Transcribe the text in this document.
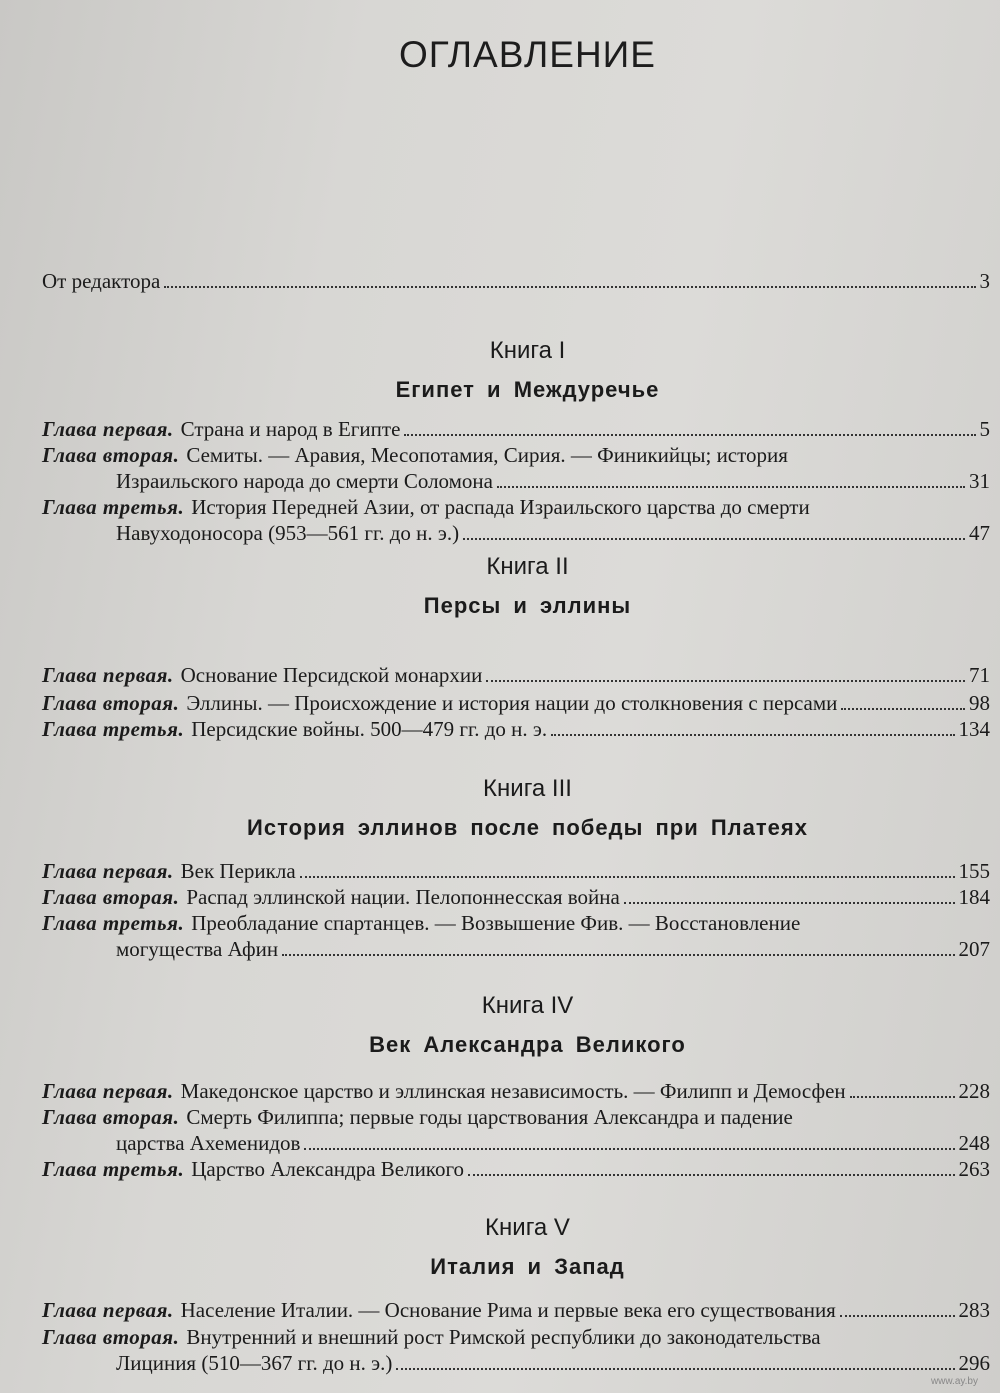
ОГЛАВЛЕНИЕ
От редактора	3
Книга I
Египет и Междуречье
Глава первая. Страна и народ в Египте	5
Глава вторая. Семиты. — Аравия, Месопотамия, Сирия. — Финикийцы; история
Израильского народа до смерти Соломона	31
Глава третья. История Передней Азии, от распада Израильского царства до смерти
Навуходоносора (953—561 гг. до н. э.)	47
Книга II
Персы и эллины
Глава первая. Основание Персидской монархии	71
Глава вторая. Эллины. — Происхождение и история нации до столкновения с персами	98
Глава третья. Персидские войны. 500—479 гг. до н. э.	134
Книга III
История эллинов после победы при Платеях
Глава первая. Век Перикла	155
Глава вторая. Распад эллинской нации. Пелопоннесская война	184
Глава третья. Преобладание спартанцев. — Возвышение Фив. — Восстановление
могущества Афин	207
Книга IV
Век Александра Великого
Глава первая. Македонское царство и эллинская независимость. — Филипп и Демосфен	228
Глава вторая. Смерть Филиппа; первые годы царствования Александра и падение
царства Ахеменидов	248
Глава третья. Царство Александра Великого	263
Книга V
Италия и Запад
Глава первая. Население Италии. — Основание Рима и первые века его существования	283
Глава вторая. Внутренний и внешний рост Римской республики до законодательства
Лициния (510—367 гг. до н. э.)	296
www.ay.by
